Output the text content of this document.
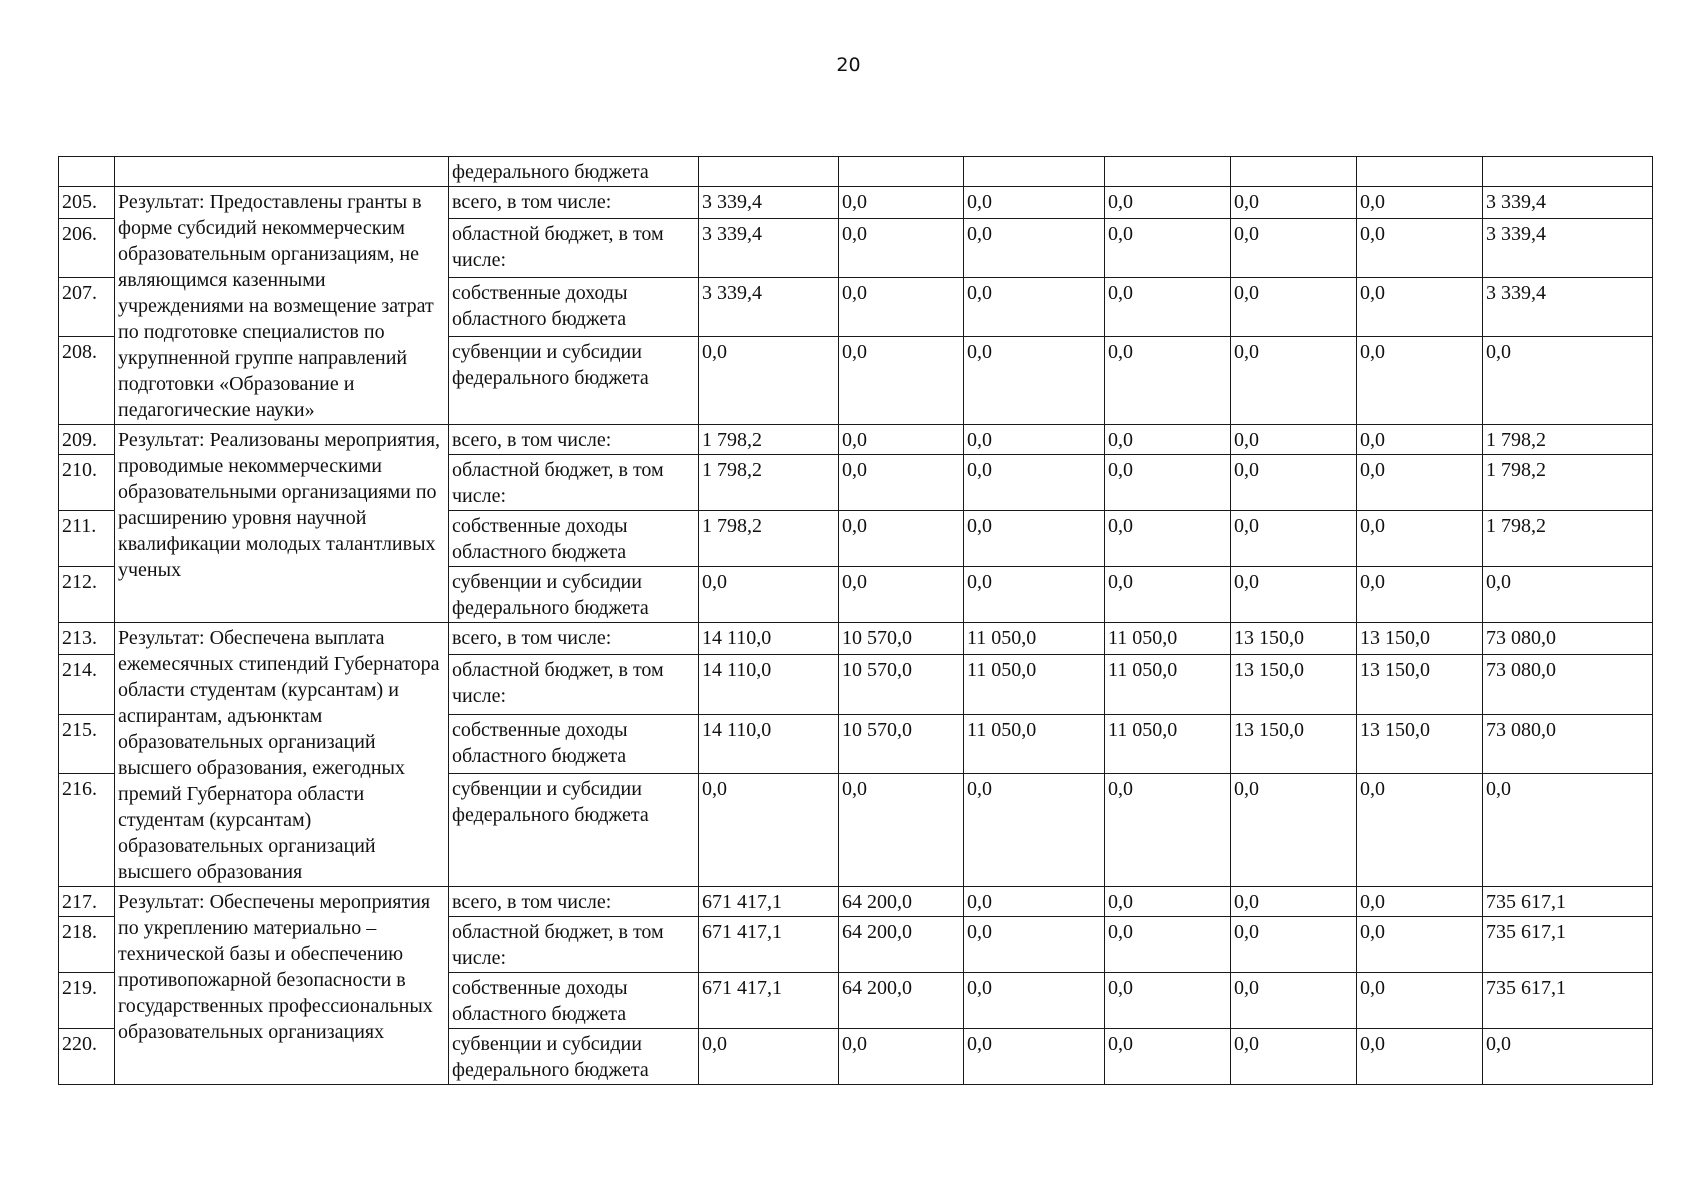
20
		федерального бюджета							
205.	Результат: Предоставлены гранты в форме субсидий некоммерческим образовательным организациям, не являющимся казенными учреждениями на возмещение затрат по подготовке специалистов по укрупненной группе направлений подготовки «Образование и педагогические науки»	всего, в том числе:	3 339,4	0,0	0,0	0,0	0,0	0,0	3 339,4
206.		областной бюджет, в том числе:	3 339,4	0,0	0,0	0,0	0,0	0,0	3 339,4
207.		собственные доходы областного бюджета	3 339,4	0,0	0,0	0,0	0,0	0,0	3 339,4
208.		субвенции и субсидии федерального бюджета	0,0	0,0	0,0	0,0	0,0	0,0	0,0
209.	Результат: Реализованы мероприятия, проводимые некоммерческими образовательными организациями по расширению уровня научной квалификации молодых талантливых ученых	всего, в том числе:	1 798,2	0,0	0,0	0,0	0,0	0,0	1 798,2
210.		областной бюджет, в том числе:	1 798,2	0,0	0,0	0,0	0,0	0,0	1 798,2
211.		собственные доходы областного бюджета	1 798,2	0,0	0,0	0,0	0,0	0,0	1 798,2
212.		субвенции и субсидии федерального бюджета	0,0	0,0	0,0	0,0	0,0	0,0	0,0
213.	Результат: Обеспечена выплата ежемесячных стипендий Губернатора области студентам (курсантам) и аспирантам, адъюнктам образовательных организаций высшего образования, ежегодных премий Губернатора области студентам (курсантам) образовательных организаций высшего образования	всего, в том числе:	14 110,0	10 570,0	11 050,0	11 050,0	13 150,0	13 150,0	73 080,0
214.		областной бюджет, в том числе:	14 110,0	10 570,0	11 050,0	11 050,0	13 150,0	13 150,0	73 080,0
215.		собственные доходы областного бюджета	14 110,0	10 570,0	11 050,0	11 050,0	13 150,0	13 150,0	73 080,0
216.		субвенции и субсидии федерального бюджета	0,0	0,0	0,0	0,0	0,0	0,0	0,0
217.	Результат: Обеспечены мероприятия по укреплению материально – технической базы и обеспечению противопожарной безопасности в государственных профессиональных образовательных организациях	всего, в том числе:	671 417,1	64 200,0	0,0	0,0	0,0	0,0	735 617,1
218.		областной бюджет, в том числе:	671 417,1	64 200,0	0,0	0,0	0,0	0,0	735 617,1
219.		собственные доходы областного бюджета	671 417,1	64 200,0	0,0	0,0	0,0	0,0	735 617,1
220.		субвенции и субсидии федерального бюджета	0,0	0,0	0,0	0,0	0,0	0,0	0,0
